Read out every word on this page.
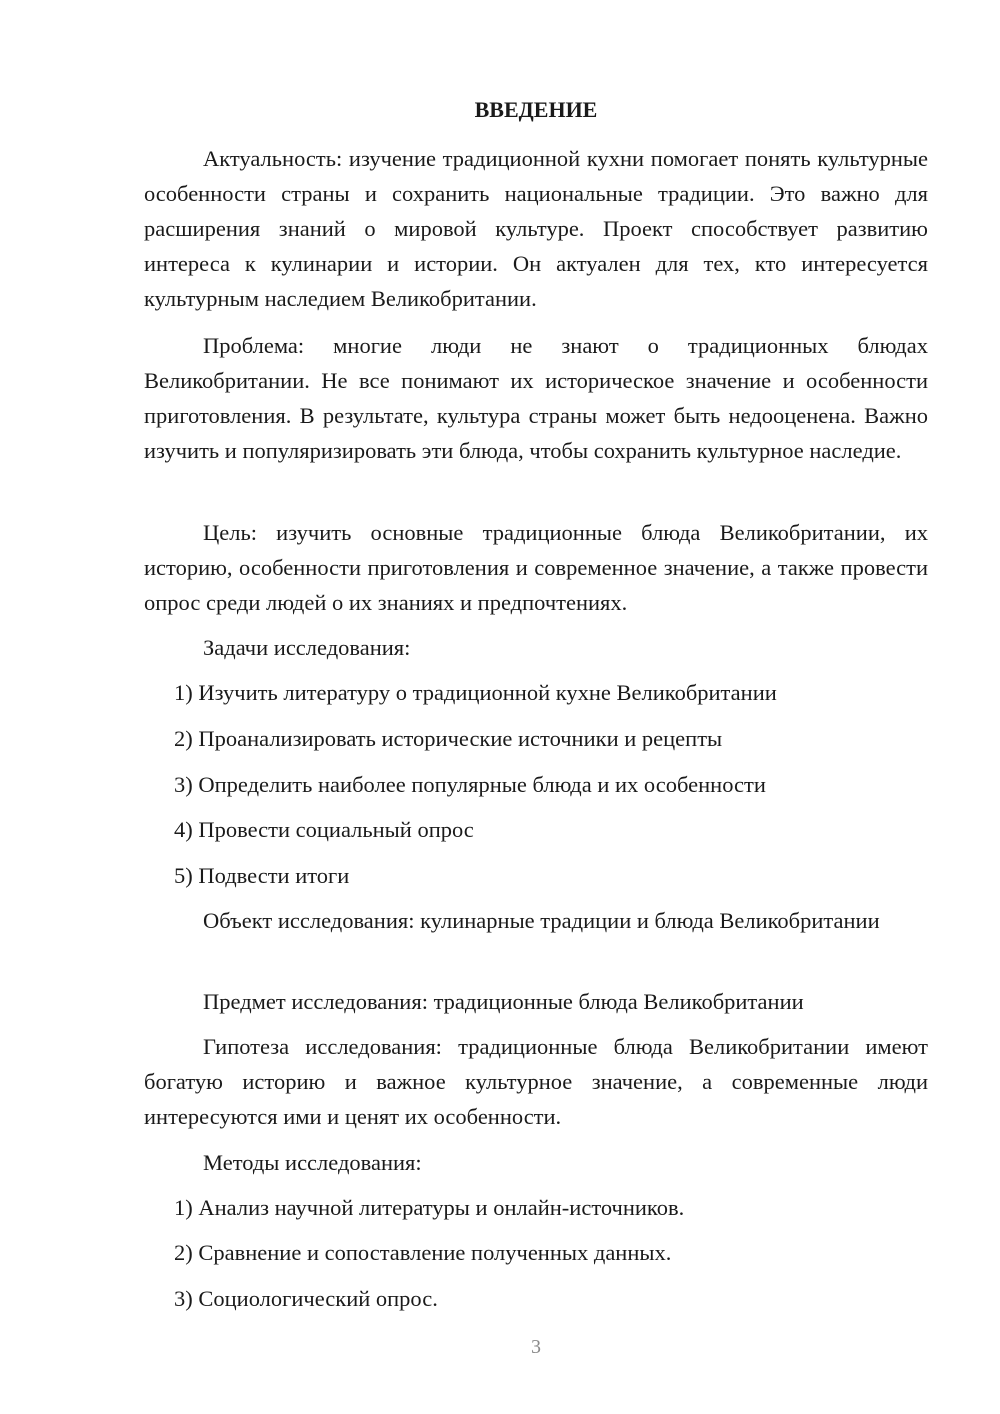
ВВЕДЕНИЕ

Актуальность: изучение традиционной кухни помогает понять культурные особенности страны и сохранить национальные традиции. Это важно для расширения знаний о мировой культуре. Проект способствует развитию интереса к кулинарии и истории. Он актуален для тех, кто интересуется культурным наследием Великобритании.

Проблема: многие люди не знают о традиционных блюдах Великобритании. Не все понимают их историческое значение и особенности приготовления. В результате, культура страны может быть недооценена. Важно изучить и популяризировать эти блюда, чтобы сохранить культурное наследие.

Цель: изучить основные традиционные блюда Великобритании, их историю, особенности приготовления и современное значение, а также провести опрос среди людей о их знаниях и предпочтениях.

Задачи исследования:
1) Изучить литературу о традиционной кухне Великобритании
2) Проанализировать исторические источники и рецепты
3) Определить наиболее популярные блюда и их особенности
4) Провести социальный опрос
5) Подвести итоги

Объект исследования: кулинарные традиции и блюда Великобритании

Предмет исследования: традиционные блюда Великобритании

Гипотеза исследования: традиционные блюда Великобритании имеют богатую историю и важное культурное значение, а современные люди интересуются ими и ценят их особенности.

Методы исследования:
1) Анализ научной литературы и онлайн-источников.
2) Сравнение и сопоставление полученных данных.
3) Социологический опрос.
3
